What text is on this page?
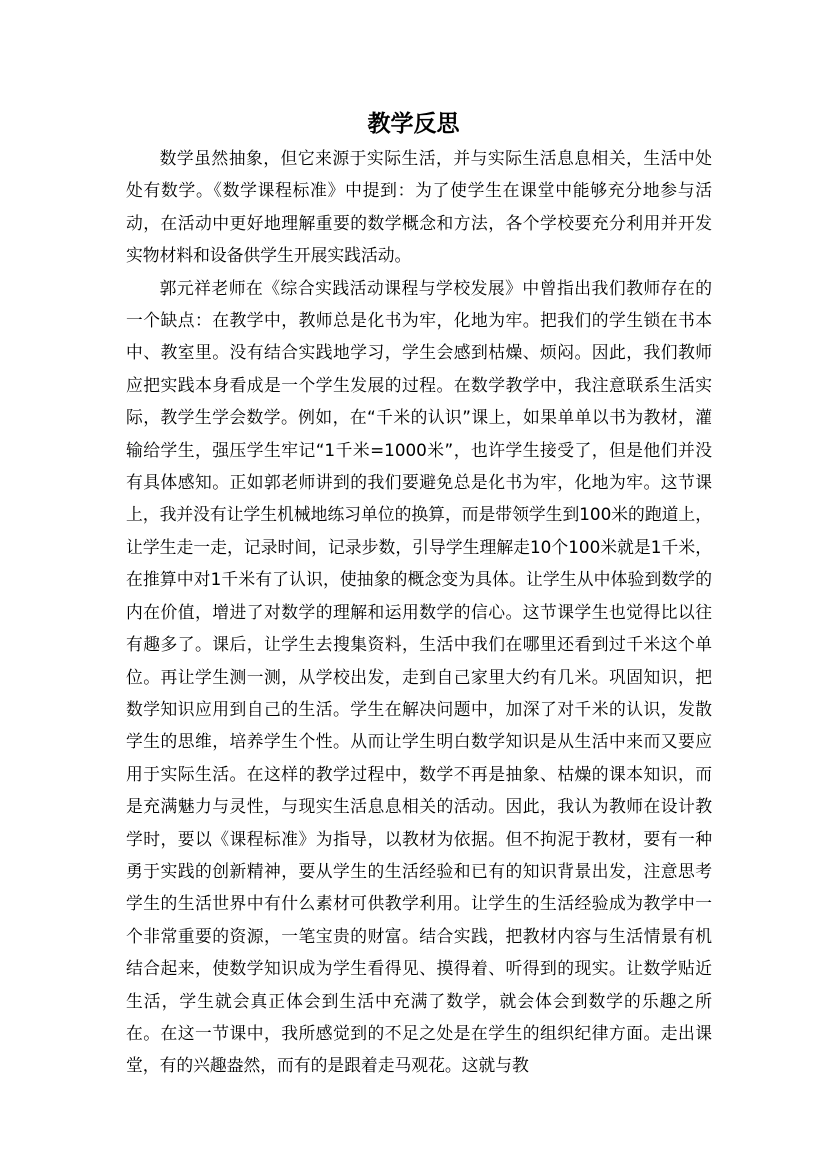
教学反思

数学虽然抽象，但它来源于实际生活，并与实际生活息息相关，生活中处处有数学。《数学课程标准》中提到：为了使学生在课堂中能够充分地参与活动，在活动中更好地理解重要的数学概念和方法，各个学校要充分利用并开发实物材料和设备供学生开展实践活动。

郭元祥老师在《综合实践活动课程与学校发展》中曾指出我们教师存在的一个缺点：在教学中，教师总是化书为牢，化地为牢。把我们的学生锁在书本中、教室里。没有结合实践地学习，学生会感到枯燥、烦闷。因此，我们教师应把实践本身看成是一个学生发展的过程。在数学教学中，我注意联系生活实际，教学生学会数学。例如，在“千米的认识”课上，如果单单以书为教材，灌输给学生，强压学生牢记“1千米=1000米”，也许学生接受了，但是他们并没有具体感知。正如郭老师讲到的我们要避免总是化书为牢，化地为牢。这节课上，我并没有让学生机械地练习单位的换算，而是带领学生到100米的跑道上，让学生走一走，记录时间，记录步数，引导学生理解走10个100米就是1千米，在推算中对1千米有了认识，使抽象的概念变为具体。让学生从中体验到数学的内在价值，增进了对数学的理解和运用数学的信心。这节课学生也觉得比以往有趣多了。课后，让学生去搜集资料，生活中我们在哪里还看到过千米这个单位。再让学生测一测，从学校出发，走到自己家里大约有几米。巩固知识，把数学知识应用到自己的生活。学生在解决问题中，加深了对千米的认识，发散学生的思维，培养学生个性。从而让学生明白数学知识是从生活中来而又要应用于实际生活。在这样的教学过程中，数学不再是抽象、枯燥的课本知识，而是充满魅力与灵性，与现实生活息息相关的活动。因此，我认为教师在设计教学时，要以《课程标准》为指导，以教材为依据。但不拘泥于教材，要有一种勇于实践的创新精神，要从学生的生活经验和已有的知识背景出发，注意思考学生的生活世界中有什么素材可供教学利用。让学生的生活经验成为教学中一个非常重要的资源，一笔宝贵的财富。结合实践，把教材内容与生活情景有机结合起来，使数学知识成为学生看得见、摸得着、听得到的现实。让数学贴近生活，学生就会真正体会到生活中充满了数学，就会体会到数学的乐趣之所在。在这一节课中，我所感觉到的不足之处是在学生的组织纪律方面。走出课堂，有的兴趣盎然，而有的是跟着走马观花。这就与教
